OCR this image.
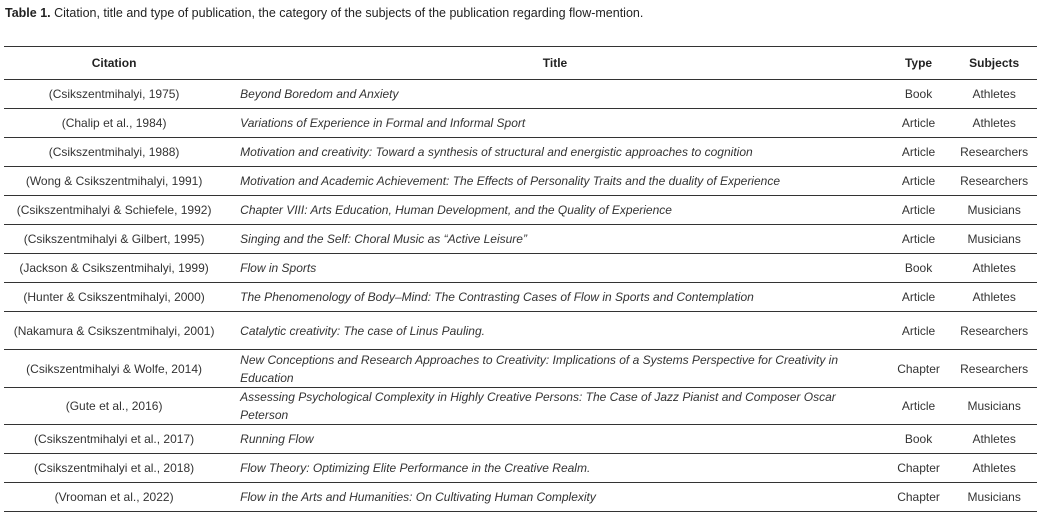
Table 1. Citation, title and type of publication, the category of the subjects of the publication regarding flow-mention.
Citation	Title	Type	Subjects
(Csikszentmihalyi, 1975)	Beyond Boredom and Anxiety	Book	Athletes
(Chalip et al., 1984)	Variations of Experience in Formal and Informal Sport	Article	Athletes
(Csikszentmihalyi, 1988)	Motivation and creativity: Toward a synthesis of structural and energistic approaches to cognition	Article	Researchers
(Wong & Csikszentmihalyi, 1991)	Motivation and Academic Achievement: The Effects of Personality Traits and the duality of Experience	Article	Researchers
(Csikszentmihalyi & Schiefele, 1992)	Chapter VIII: Arts Education, Human Development, and the Quality of Experience	Article	Musicians
(Csikszentmihalyi & Gilbert, 1995)	Singing and the Self: Choral Music as “Active Leisure”	Article	Musicians
(Jackson & Csikszentmihalyi, 1999)	Flow in Sports	Book	Athletes
(Hunter & Csikszentmihalyi, 2000)	The Phenomenology of Body–Mind: The Contrasting Cases of Flow in Sports and Contemplation	Article	Athletes
(Nakamura & Csikszentmihalyi, 2001)	Catalytic creativity: The case of Linus Pauling.	Article	Researchers
(Csikszentmihalyi & Wolfe, 2014)	New Conceptions and Research Approaches to Creativity: Implications of a Systems Perspective for Creativity in Education	Chapter	Researchers
(Gute et al., 2016)	Assessing Psychological Complexity in Highly Creative Persons: The Case of Jazz Pianist and Composer Oscar Peterson	Article	Musicians
(Csikszentmihalyi et al., 2017)	Running Flow	Book	Athletes
(Csikszentmihalyi et al., 2018)	Flow Theory: Optimizing Elite Performance in the Creative Realm.	Chapter	Athletes
(Vrooman et al., 2022)	Flow in the Arts and Humanities: On Cultivating Human Complexity	Chapter	Musicians
